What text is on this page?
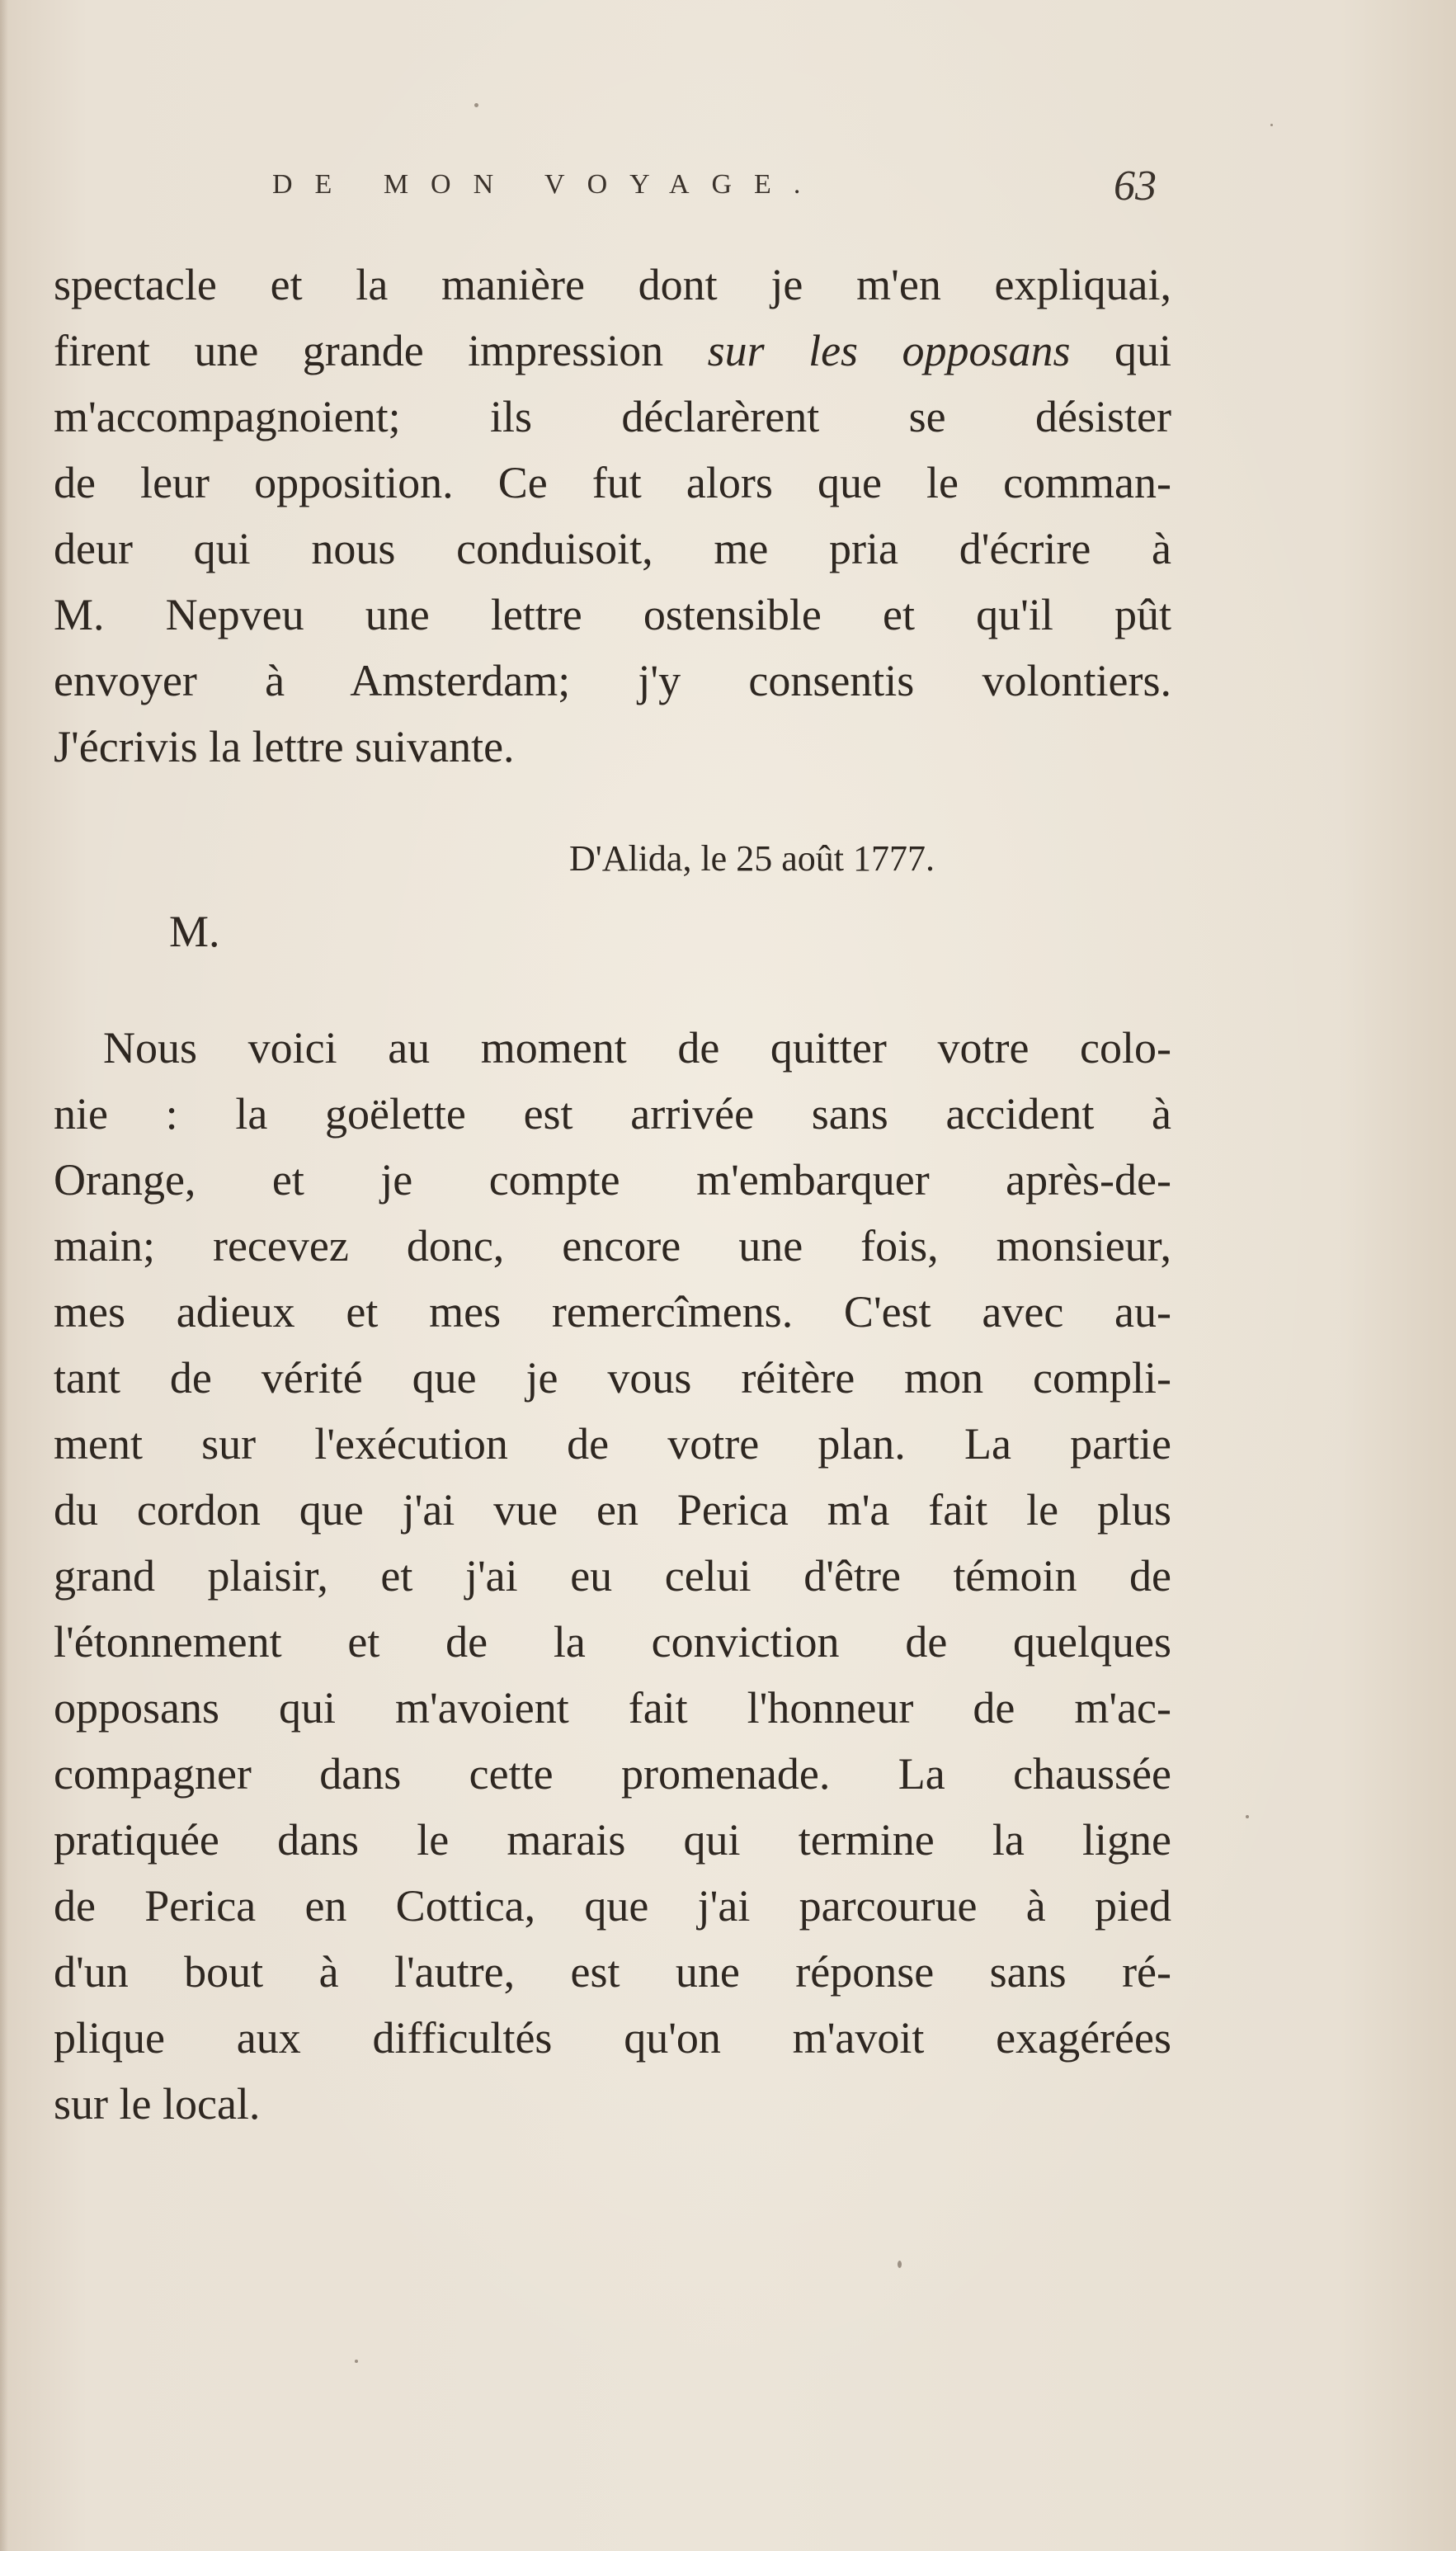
DE MON VOYAGE.	63
spectacle et la manière dont je m'en expliquai,
firent une grande impression sur les opposans qui
m'accompagnoient; ils déclarèrent se désister
de leur opposition. Ce fut alors que le comman-
deur qui nous conduisoit, me pria d'écrire à
M. Nepveu une lettre ostensible et qu'il pût
envoyer à Amsterdam; j'y consentis volontiers.
J'écrivis la lettre suivante.
D'Alida, le 25 août 1777.
M.
Nous voici au moment de quitter votre colo-
nie : la goëlette est arrivée sans accident à
Orange, et je compte m'embarquer après-de-
main; recevez donc, encore une fois, monsieur,
mes adieux et mes remercîmens. C'est avec au-
tant de vérité que je vous réitère mon compli-
ment sur l'exécution de votre plan. La partie
du cordon que j'ai vue en Perica m'a fait le plus
grand plaisir, et j'ai eu celui d'être témoin de
l'étonnement et de la conviction de quelques
opposans qui m'avoient fait l'honneur de m'ac-
compagner dans cette promenade. La chaussée
pratiquée dans le marais qui termine la ligne
de Perica en Cottica, que j'ai parcourue à pied
d'un bout à l'autre, est une réponse sans ré-
plique aux difficultés qu'on m'avoit exagérées
sur le local.
